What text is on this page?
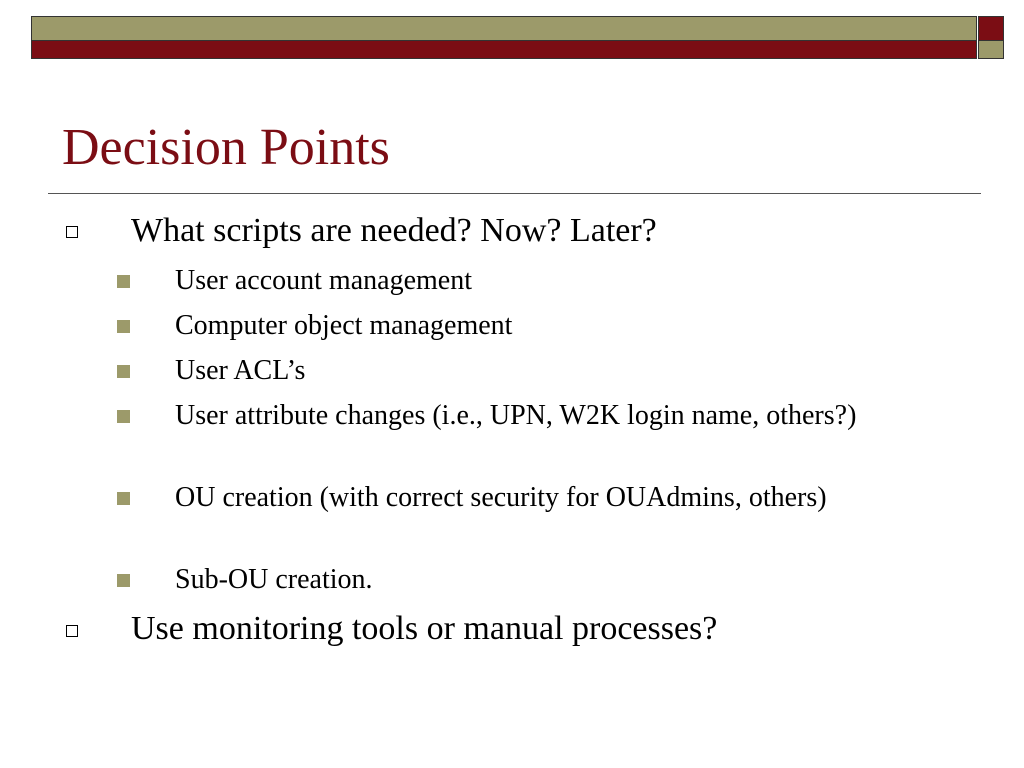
Decision Points
What scripts are needed? Now? Later?
User account management
Computer object management
User ACL’s
User attribute changes (i.e., UPN, W2K login name, others?)
OU creation (with correct security for OUAdmins, others)
Sub-OU creation.
Use monitoring tools or manual processes?
